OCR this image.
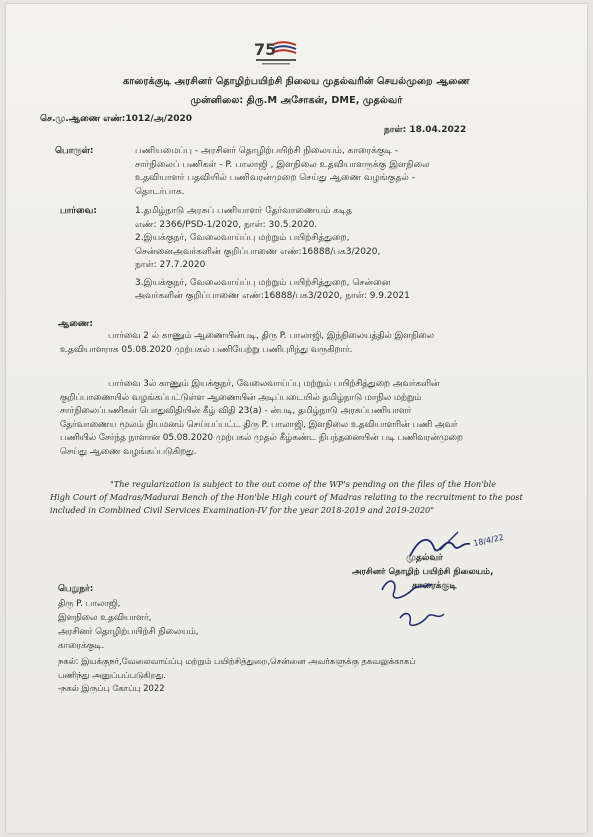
75
காரைக்குடி அரசினர் தொழிற்பயிற்சி நிலைய முதல்வரின் செயல்முறை ஆணை
முன்னிலை: திரு.M அசோகன், DME, முதல்வர்
செ.மு.ஆணை எண்:1012/அ/2020
நாள்: 18.04.2022
பொருள்:	பணியமைப்பு - அரசினர் தொழிற்பயிற்சி நிலையம், காரைக்குடி -
சார்நிலைப் பணிகள் - P. பாலாஜி , இளநிலை உதவியாளருக்கு இளநிலை
உதவியாளர் பதவியில் பணிவரன்முறை செய்து ஆணை வழங்குதல் -
தொடர்பாக.
பார்வை:	1.தமிழ்நாடு அரசுப் பணியாளர் தேர்வாணையம் கடித
எண்: 2366/PSD-1/2020, நாள்: 30.5.2020.
2.இயக்குநர், வேலைவாய்ப்பு மற்றும் பயிற்சித்துறை,
சென்னைஅவர்களின் குறிப்பாணை எண்:16888/பக3/2020,
நாள்: 27.7.2020
3.இயக்குநர், வேலைவாய்ப்பு மற்றும் பயிற்சித்துறை, சென்னை
அவர்களின் குறிப்பாணை எண்:16888/பக3/2020, நாள்: 9.9.2021
ஆணை:
பார்வை 2 ல் காணும் ஆணையின்படி, திரு P. பாலாஜி, இந்நிலையத்தில் இளநிலை
உதவியாளராக 05.08.2020 முற்பகல் பணியேற்று பணிபுரிந்து வருகிறார்.
பார்வை 3ல் காணும் இயக்குநர், வேலைவாய்ப்பு மற்றும் பயிற்சித்துறை அவர்களின்
குறிப்பாணையில் வழங்கப்பட்டுள்ள ஆணையின் அடிப்படையில் தமிழ்நாடு மாநில மற்றும்
சார்நிலைப்பணிகள் பொதுவிதியின் கீழ் விதி 23(a) - ன்படி, தமிழ்நாடு அரசுப்பணியாளர்
தேர்வாணைய மூலம் நியமனம் செய்யப்பட்ட திரு P. பாலாஜி, இளநிலை உதவியாளரின் பணி அவர்
பணியில் சேர்ந்த நாளான 05.08.2020 முற்பகல் முதல் கீழ்கண்ட நிபந்தனையின் படி பணிவரன்முறை
செய்து ஆணை வழங்கப்படுகிறது.
"The regularization is subject to the out come of the WP's pending on the files of the Hon'ble
High Court of Madras/Madurai Bench of the Hon'ble High court of Madras relating to the recruitment to the post
included in Combined Civil Services Examination-IV for the year 2018-2019 and 2019-2020"
18/4/22
முதல்வர்
அரசினர் தொழிற் பயிற்சி நிலையம்,
காரைக்குடி
பெறுநர்:
திரு P. பாலாஜி,
இளநிலை உதவியாளர்,
அரசினர் தொழிற்பயிற்சி நிலையம்,
காரைக்குடி.
நகல்: இயக்குநர்,வேலைவாய்ப்பு மற்றும் பயிற்சித்துறை,சென்னை அவர்களுக்கு தகவலுக்காகப்
பணிந்து அனுப்பப்படுகிறது.
-நகல் இருப்பு கோப்பு 2022
